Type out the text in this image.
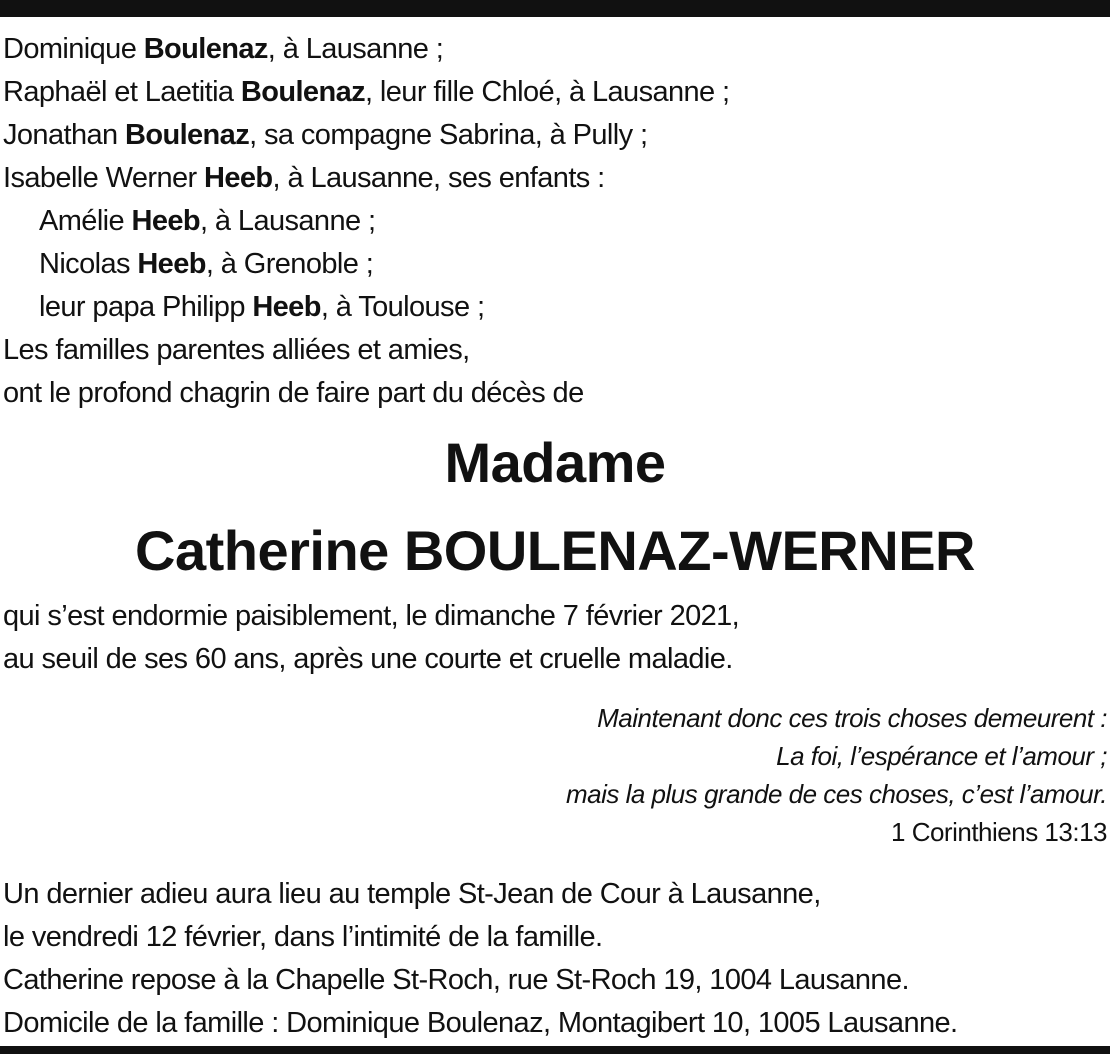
Dominique Boulenaz, à Lausanne ;
Raphaël et Laetitia Boulenaz, leur fille Chloé, à Lausanne ;
Jonathan Boulenaz, sa compagne Sabrina, à Pully ;
Isabelle Werner Heeb, à Lausanne, ses enfants :
Amélie Heeb, à Lausanne ;
Nicolas Heeb, à Grenoble ;
leur papa Philipp Heeb, à Toulouse ;
Les familles parentes alliées et amies,
ont le profond chagrin de faire part du décès de
Madame
Catherine BOULENAZ-WERNER
qui s’est endormie paisiblement, le dimanche 7 février 2021,
au seuil de ses 60 ans, après une courte et cruelle maladie.
Maintenant donc ces trois choses demeurent :
La foi, l’espérance et l’amour ;
mais la plus grande de ces choses, c’est l’amour.
1 Corinthiens 13:13
Un dernier adieu aura lieu au temple St-Jean de Cour à Lausanne,
le vendredi 12 février, dans l’intimité de la famille.
Catherine repose à la Chapelle St-Roch, rue St-Roch 19, 1004 Lausanne.
Domicile de la famille : Dominique Boulenaz, Montagibert 10, 1005 Lausanne.
